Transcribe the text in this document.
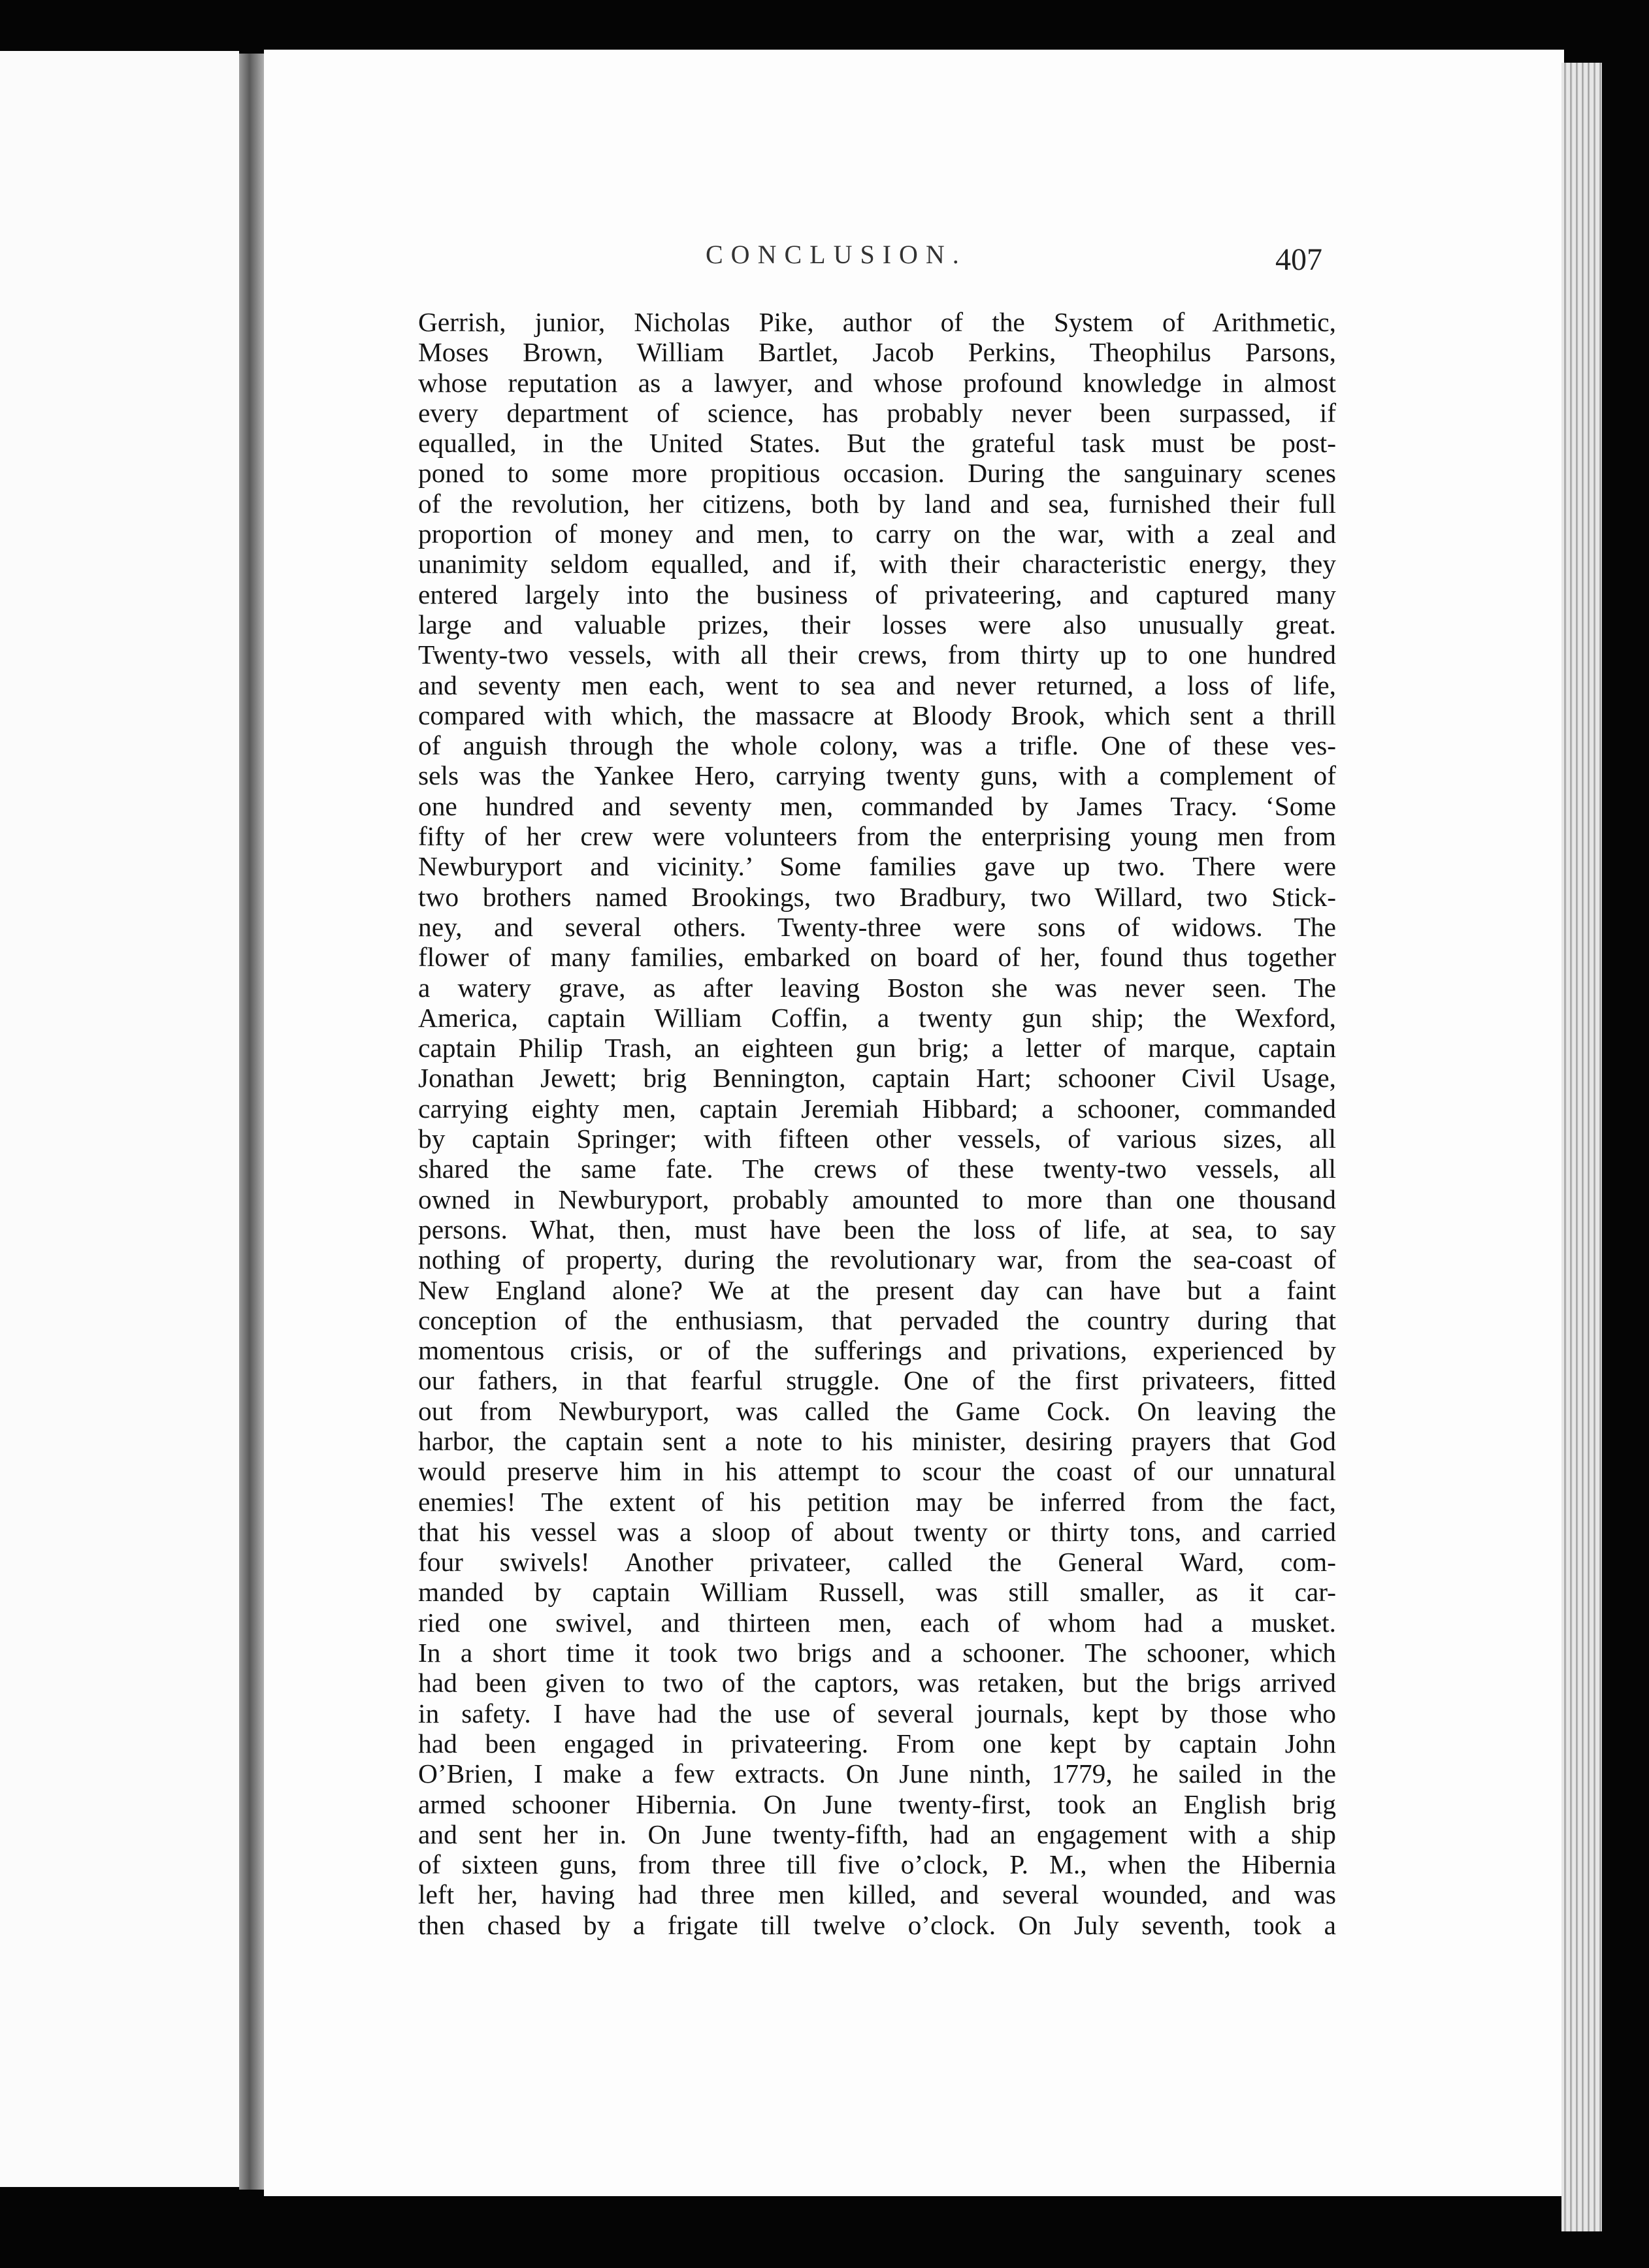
CONCLUSION.	407
Gerrish, junior, Nicholas Pike, author of the System of Arithmetic,
Moses Brown, William Bartlet, Jacob Perkins, Theophilus Parsons,
whose reputation as a lawyer, and whose profound knowledge in almost
every department of science, has probably never been surpassed, if
equalled, in the United States. But the grateful task must be post-
poned to some more propitious occasion. During the sanguinary scenes
of the revolution, her citizens, both by land and sea, furnished their full
proportion of money and men, to carry on the war, with a zeal and
unanimity seldom equalled, and if, with their characteristic energy, they
entered largely into the business of privateering, and captured many
large and valuable prizes, their losses were also unusually great.
Twenty-two vessels, with all their crews, from thirty up to one hundred
and seventy men each, went to sea and never returned, a loss of life,
compared with which, the massacre at Bloody Brook, which sent a thrill
of anguish through the whole colony, was a trifle. One of these ves-
sels was the Yankee Hero, carrying twenty guns, with a complement of
one hundred and seventy men, commanded by James Tracy. ‘Some
fifty of her crew were volunteers from the enterprising young men from
Newburyport and vicinity.’ Some families gave up two. There were
two brothers named Brookings, two Bradbury, two Willard, two Stick-
ney, and several others. Twenty-three were sons of widows. The
flower of many families, embarked on board of her, found thus together
a watery grave, as after leaving Boston she was never seen. The
America, captain William Coffin, a twenty gun ship; the Wexford,
captain Philip Trash, an eighteen gun brig; a letter of marque, captain
Jonathan Jewett; brig Bennington, captain Hart; schooner Civil Usage,
carrying eighty men, captain Jeremiah Hibbard; a schooner, commanded
by captain Springer; with fifteen other vessels, of various sizes, all
shared the same fate. The crews of these twenty-two vessels, all
owned in Newburyport, probably amounted to more than one thousand
persons. What, then, must have been the loss of life, at sea, to say
nothing of property, during the revolutionary war, from the sea-coast of
New England alone? We at the present day can have but a faint
conception of the enthusiasm, that pervaded the country during that
momentous crisis, or of the sufferings and privations, experienced by
our fathers, in that fearful struggle. One of the first privateers, fitted
out from Newburyport, was called the Game Cock. On leaving the
harbor, the captain sent a note to his minister, desiring prayers that God
would preserve him in his attempt to scour the coast of our unnatural
enemies! The extent of his petition may be inferred from the fact,
that his vessel was a sloop of about twenty or thirty tons, and carried
four swivels! Another privateer, called the General Ward, com-
manded by captain William Russell, was still smaller, as it car-
ried one swivel, and thirteen men, each of whom had a musket.
In a short time it took two brigs and a schooner. The schooner, which
had been given to two of the captors, was retaken, but the brigs arrived
in safety. I have had the use of several journals, kept by those who
had been engaged in privateering. From one kept by captain John
O’Brien, I make a few extracts. On June ninth, 1779, he sailed in the
armed schooner Hibernia. On June twenty-first, took an English brig
and sent her in. On June twenty-fifth, had an engagement with a ship
of sixteen guns, from three till five o’clock, P. M., when the Hibernia
left her, having had three men killed, and several wounded, and was
then chased by a frigate till twelve o’clock. On July seventh, took a
